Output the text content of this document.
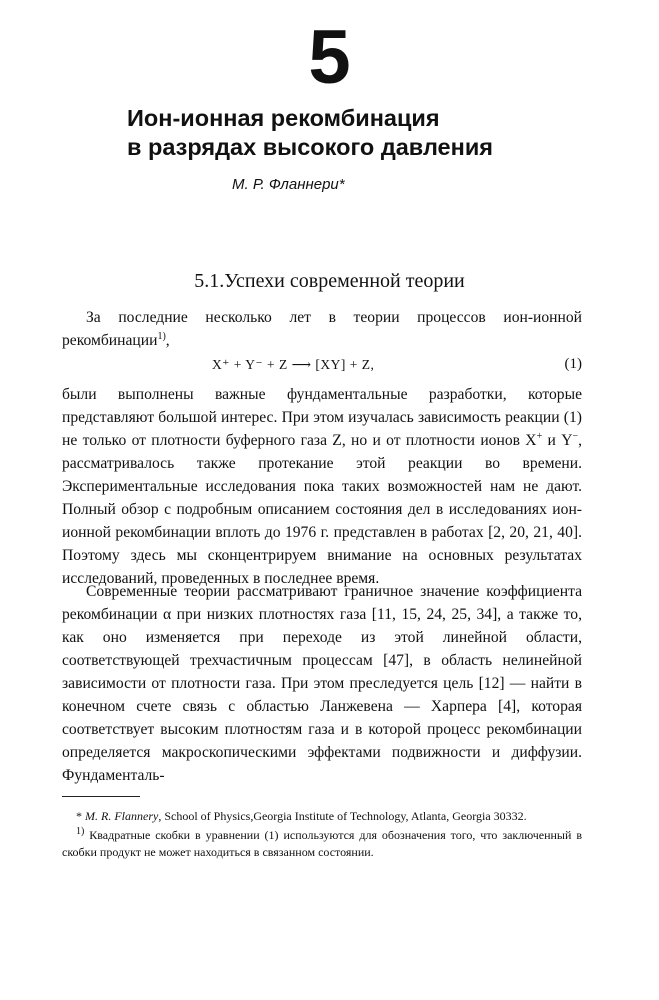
5
Ион-ионная рекомбинация
в разрядах высокого давления
М. Р. Фланнери*
5.1.Успехи современной теории
За последние несколько лет в теории процессов ион-ионной рекомбинации$^{1)}$,
X⁺ + Y⁻ + Z ⟶ [XY] + Z,	(1)
были выполнены важные фундаментальные разработки, которые представляют большой интерес. При этом изучалась зависимость реакции (1) не только от плотности буферного газа Z, но и от плотности ионов X+ и Y−, рассматривалось также протекание этой реакции во времени. Экспериментальные исследования пока таких возможностей нам не дают. Полный обзор с подробным описанием состояния дел в исследованиях ион-ионной рекомбинации вплоть до 1976 г. представлен в работах [2, 20, 21, 40]. Поэтому здесь мы сконцентрируем внимание на основных результатах исследований, проведенных в последнее время.
Современные теории рассматривают граничное значение коэффициента рекомбинации α при низких плотностях газа [11, 15, 24, 25, 34], а также то, как оно изменяется при переходе из этой линейной области, соответствующей трехчастичным процессам [47], в область нелинейной зависимости от плотности газа. При этом преследуется цель [12] — найти в конечном счете связь с областью Ланжевена — Харпера [4], которая соответствует высоким плотностям газа и в которой процесс рекомбинации определяется макроскопическими эффектами подвижности и диффузии. Фундаменталь-
* M. R. Flannery, School of Physics,Georgia Institute of Technology, Atlanta, Georgia 30332.
$^{1)}$ Квадратные скобки в уравнении (1) используются для обозначения того, что заключенный в скобки продукт не может находиться в связанном состоянии.
